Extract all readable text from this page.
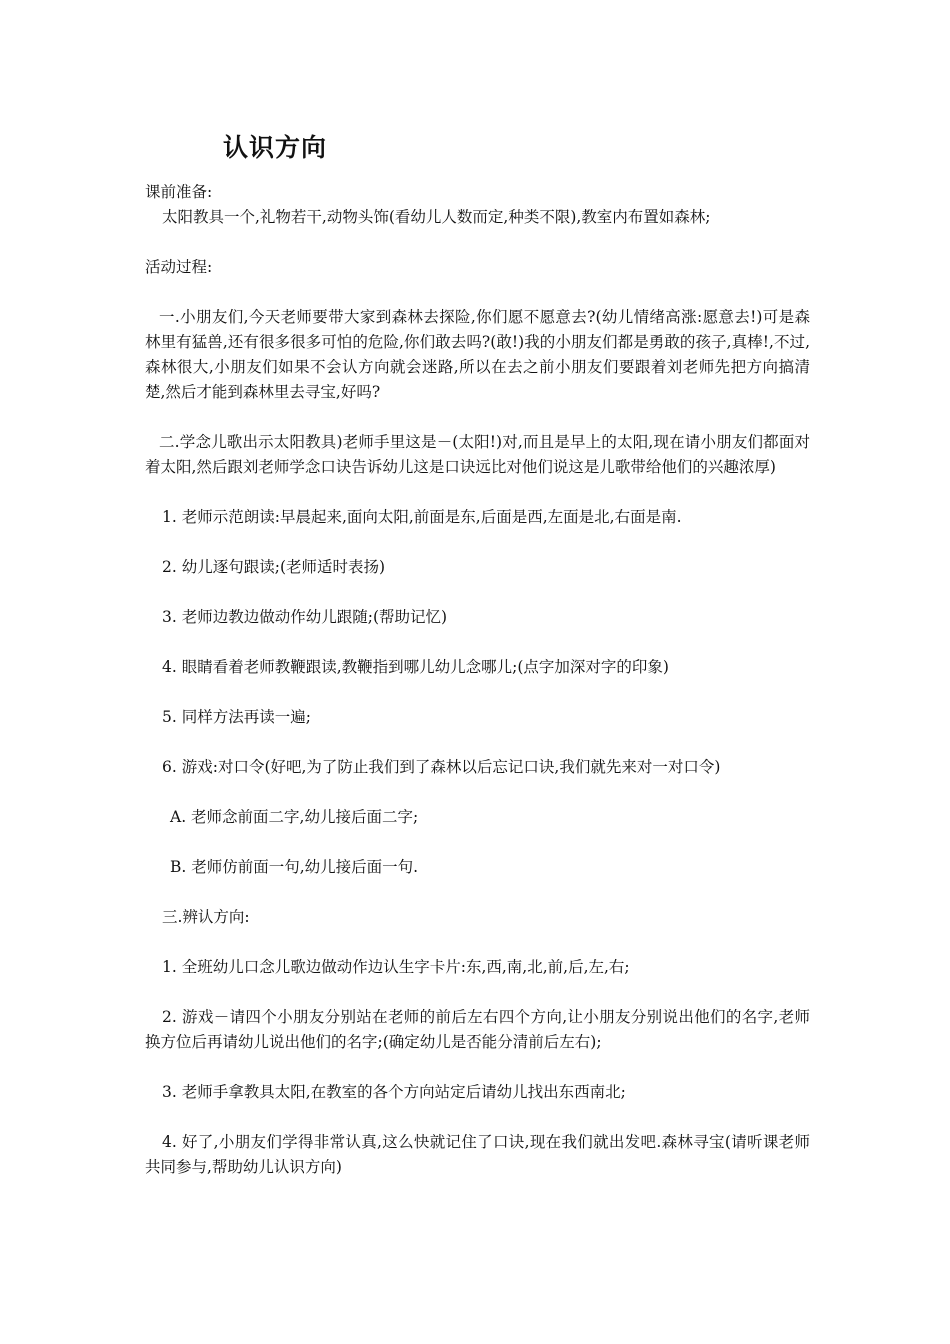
认识方向

课前准备:

太阳教具一个,礼物若干,动物头饰(看幼儿人数而定,种类不限),教室内布置如森林;

活动过程:

一.小朋友们,今天老师要带大家到森林去探险,你们愿不愿意去?(幼儿情绪高涨:愿意去!)可是森林里有猛兽,还有很多很多可怕的危险,你们敢去吗?(敢!)我的小朋友们都是勇敢的孩子,真棒!,不过,森林很大,小朋友们如果不会认方向就会迷路,所以在去之前小朋友们要跟着刘老师先把方向搞清楚,然后才能到森林里去寻宝,好吗?

二.学念儿歌出示太阳教具)老师手里这是－(太阳!)对,而且是早上的太阳,现在请小朋友们都面对着太阳,然后跟刘老师学念口诀告诉幼儿这是口诀远比对他们说这是儿歌带给他们的兴趣浓厚)

1. 老师示范朗读:早晨起来,面向太阳,前面是东,后面是西,左面是北,右面是南.

2. 幼儿逐句跟读;(老师适时表扬)

3. 老师边教边做动作幼儿跟随;(帮助记忆)

4. 眼睛看着老师教鞭跟读,教鞭指到哪儿幼儿念哪儿;(点字加深对字的印象)

5. 同样方法再读一遍;

6. 游戏:对口令(好吧,为了防止我们到了森林以后忘记口诀,我们就先来对一对口令)

A. 老师念前面二字,幼儿接后面二字;

B. 老师仿前面一句,幼儿接后面一句.

三.辨认方向:

1. 全班幼儿口念儿歌边做动作边认生字卡片:东,西,南,北,前,后,左,右;

2. 游戏－请四个小朋友分别站在老师的前后左右四个方向,让小朋友分别说出他们的名字,老师换方位后再请幼儿说出他们的名字;(确定幼儿是否能分清前后左右);

3. 老师手拿教具太阳,在教室的各个方向站定后请幼儿找出东西南北;

4. 好了,小朋友们学得非常认真,这么快就记住了口诀,现在我们就出发吧.森林寻宝(请听课老师共同参与,帮助幼儿认识方向)
